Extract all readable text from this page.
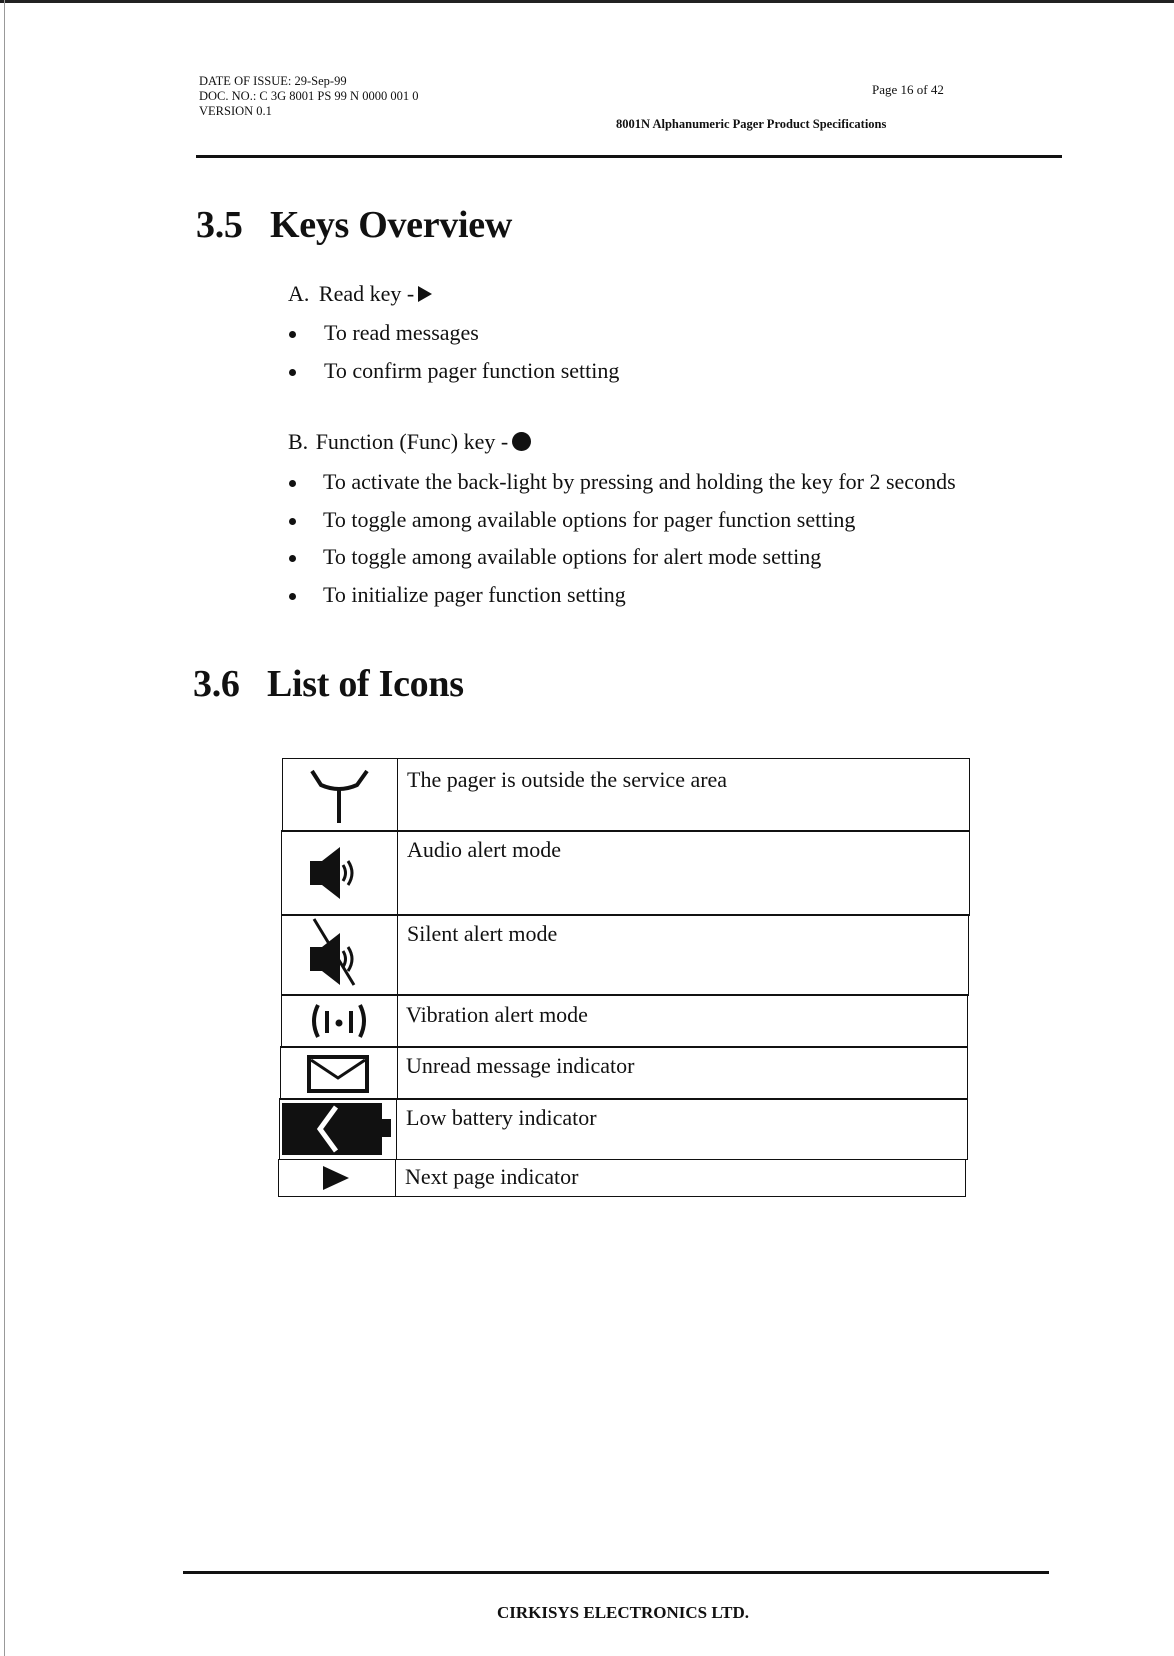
DATE OF ISSUE: 29-Sep-99
DOC. NO.: C 3G 8001 PS 99 N 0000 001 0
VERSION 0.1
Page 16 of 42
8001N Alphanumeric Pager Product Specifications
3.5 Keys Overview
A. Read key -
To read messages
To confirm pager function setting
B. Function (Func) key -
To activate the back-light by pressing and holding the key for 2 seconds
To toggle among available options for pager function setting
To toggle among available options for alert mode setting
To initialize pager function setting
3.6 List of Icons
The pager is outside the service area
Audio alert mode
Silent alert mode
Vibration alert mode
Unread message indicator
Low battery indicator
Next page indicator
CIRKISYS ELECTRONICS LTD.
